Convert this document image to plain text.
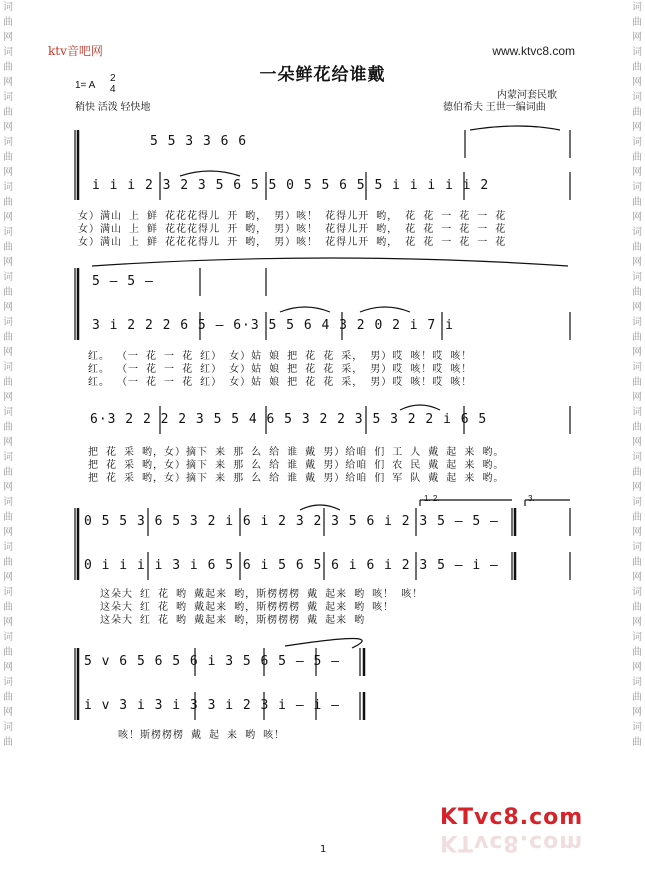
词
曲
网
词
曲
网
词
曲
网
词
曲
网
词
曲
网
词
曲
网
词
曲
网
词
曲
网
词
曲
网
词
曲
网
词
曲
网
词
曲
网
词
曲
网
词
曲
网
词
曲
网
词
曲
网
词
曲
词
曲
网
词
曲
网
词
曲
网
词
曲
网
词
曲
网
词
曲
网
词
曲
网
词
曲
网
词
曲
网
词
曲
网
词
曲
网
词
曲
网
词
曲
网
词
曲
网
词
曲
网
词
曲
网
词
曲
ktv音吧网	www.ktvc8.com
一朵鲜花给谁戴
1= A
2
4
稍快 活泼 轻快地
内蒙河套民歌
德伯希夫 王世一编词曲
5 5 3 3 6 6
i i i 2 3 2 3 5 6 5 5 0 5 5 6 5 5 i i i i i 2
女）满山 上 鲜 花花花得儿 开 哟， 男）咳！ 花得儿开 哟， 花 花 一 花 一 花
女）满山 上 鲜 花花花得儿 开 哟， 男）咳！ 花得儿开 哟， 花 花 一 花 一 花
女）满山 上 鲜 花花花得儿 开 哟， 男）咳！ 花得儿开 哟， 花 花 一 花 一 花
5 — 5 —
3 i 2 2 2 6 5 — 6·3 5 5 6 4 3 2 0 2 i 7 i
红。 （一 花 一 花 红） 女）姑 娘 把 花 花 采， 男）哎 咳！哎 咳！
红。 （一 花 一 花 红） 女）姑 娘 把 花 花 采， 男）哎 咳！哎 咳！
红。 （一 花 一 花 红） 女）姑 娘 把 花 花 采， 男）哎 咳！哎 咳！
6·3 2 2 2 2 3 5 5 4 6 5 3 2 2 3 5 3 2 2 i 6 5
把 花 采 哟，女）摘下 来 那 么 给 谁 戴 男）给咱 们 工 人 戴 起 来 哟。
把 花 采 哟，女）摘下 来 那 么 给 谁 戴 男）给咱 们 农 民 戴 起 来 哟。
把 花 采 哟，女）摘下 来 那 么 给 谁 戴 男）给咱 们 军 队 戴 起 来 哟。
1. 2.	3.
0 5 5 3 6 5 3 2 i 6 i 2 3 2 3 5 6 i 2 3 5 — 5 —
0 i i i i 3 i 6 5 6 i 5 6 5 6 i 6 i 2 3 5 — i —
这朵大 红 花 哟 戴起来 哟，斯楞楞楞 戴 起来 哟 咳！ 咳！
这朵大 红 花 哟 戴起来 哟，斯楞楞楞 戴 起来 哟 咳！
这朵大 红 花 哟 戴起来 哟，斯楞楞楞 戴 起来 哟
5 v 6 5 6 5 6 i 3 5 6 5 — 5 —
i v 3 i 3 i 3 3 i 2 3 i — i —
咳！斯楞楞楞 戴 起 来 哟 咳！
KTvc8.com
KTvc8.com
1
